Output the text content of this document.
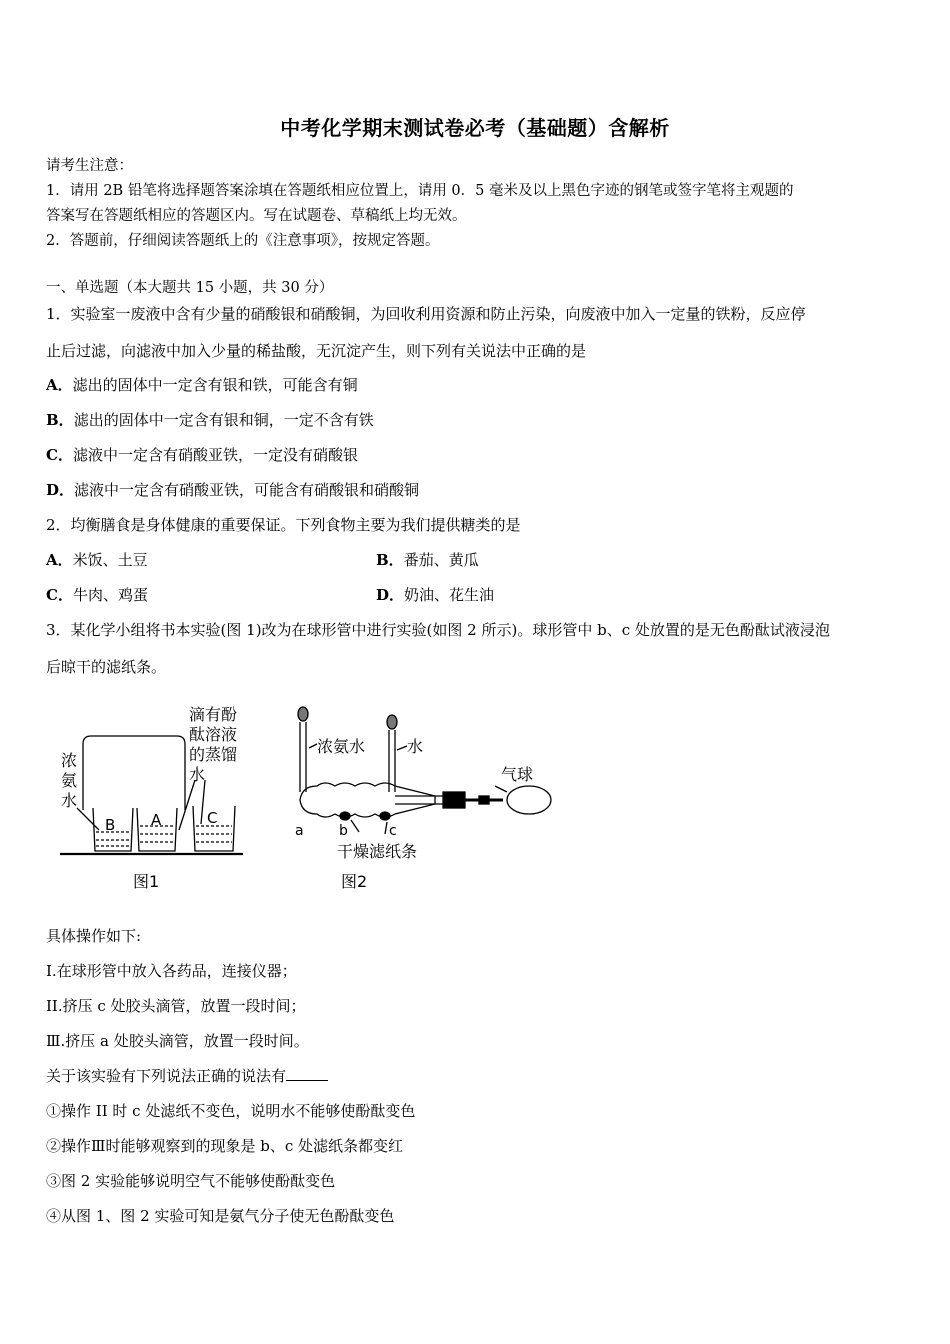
中考化学期末测试卷必考（基础题）含解析
请考生注意：
1．请用 2B 铅笔将选择题答案涂填在答题纸相应位置上，请用 0．5 毫米及以上黑色字迹的钢笔或签字笔将主观题的
答案写在答题纸相应的答题区内。写在试题卷、草稿纸上均无效。
2．答题前，仔细阅读答题纸上的《注意事项》，按规定答题。
一、单选题（本大题共 15 小题，共 30 分）
1．实验室一废液中含有少量的硝酸银和硝酸铜，为回收利用资源和防止污染，向废液中加入一定量的铁粉，反应停
止后过滤，向滤液中加入少量的稀盐酸，无沉淀产生，则下列有关说法中正确的是
A．滤出的固体中一定含有银和铁，可能含有铜
B．滤出的固体中一定含有银和铜，一定不含有铁
C．滤液中一定含有硝酸亚铁，一定没有硝酸银
D．滤液中一定含有硝酸亚铁，可能含有硝酸银和硝酸铜
2．均衡膳食是身体健康的重要保证。下列食物主要为我们提供糖类的是
A．米饭、土豆	B．番茄、黄瓜
C．牛肉、鸡蛋	D．奶油、花生油
3．某化学小组将书本实验(图 1)改为在球形管中进行实验(如图 2 所示)。球形管中 b、c 处放置的是无色酚酞试液浸泡
后晾干的滤纸条。
浓
氨
水
滴有酚
酞溶液
的蒸馏
水
B A	C
图1
浓氨水	水
气球
a	b	c
干燥滤纸条
图2
具体操作如下:
I.在球形管中放入各药品，连接仪器；
II.挤压 c 处胶头滴管，放置一段时间；
Ⅲ.挤压 a 处胶头滴管，放置一段时间。
关于该实验有下列说法正确的说法有
①操作 II 时 c 处滤纸不变色，说明水不能够使酚酞变色
②操作Ⅲ时能够观察到的现象是 b、c 处滤纸条都变红
③图 2 实验能够说明空气不能够使酚酞变色
④从图 1、图 2 实验可知是氨气分子使无色酚酞变色
